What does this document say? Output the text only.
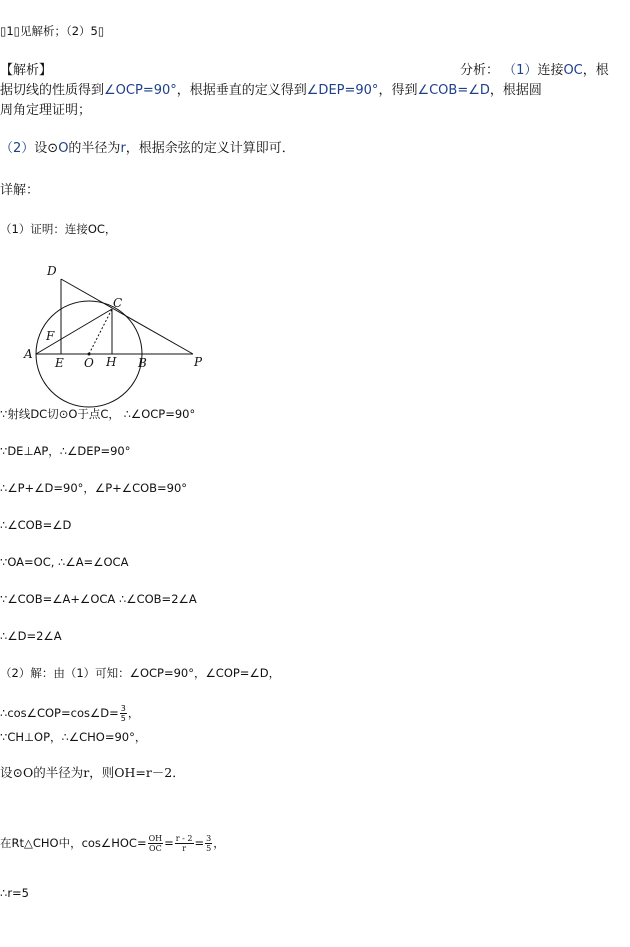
▯1▯见解析；（2）5▯
【解析】	分析： （1）连接OC，根
据切线的性质得到∠OCP=90°，根据垂直的定义得到∠DEP=90°，得到∠COB=∠D，根据圆
周角定理证明；
（2）设⊙O的半径为r，根据余弦的定义计算即可．
详解：
（1）证明：连接OC，
D
C
F
A
E O H B	P
∵射线DC切⊙O于点C， ∴∠OCP=90°
∵DE⊥AP，∴∠DEP=90°
∴∠P+∠D=90°，∠P+∠COB=90°
∴∠COB=∠D
∵OA=OC, ∴∠A=∠OCA
∵∠COB=∠A+∠OCA ∴∠COB=2∠A
∴∠D=2∠A
（2）解：由（1）可知：∠OCP=90°，∠COP=∠D，
∴cos∠COP=cos∠D= $\frac{3}{5}$ ，
∵CH⊥OP，∴∠CHO=90°，
设⊙O的半径为r，则OH=r－2．
在Rt△CHO中，cos∠HOC= $\frac{OH}{OC} = \frac{r - 2}{r} = \frac{3}{5}$ ，
∴r=5
